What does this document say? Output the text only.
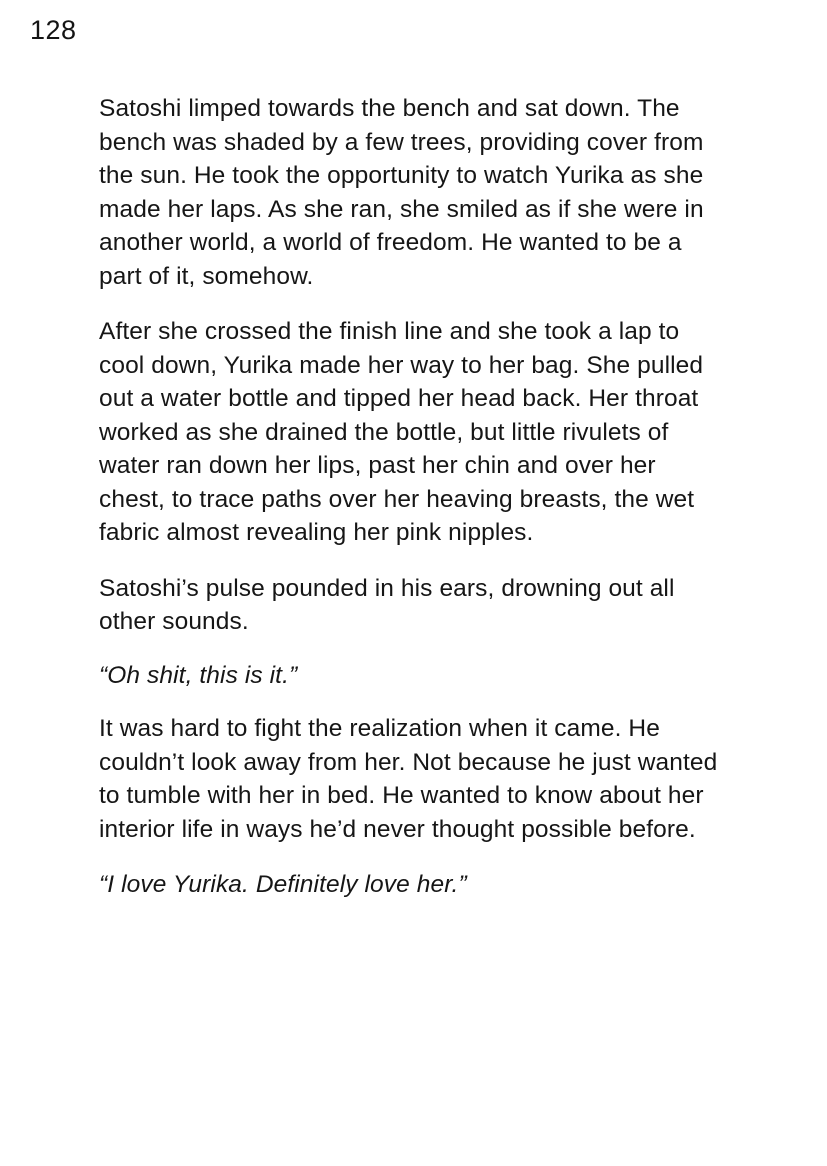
128

Satoshi limped towards the bench and sat down. The bench was shaded by a few trees, providing cover from the sun. He took the opportunity to watch Yurika as she made her laps. As she ran, she smiled as if she were in another world, a world of freedom. He wanted to be a part of it, somehow.

After she crossed the finish line and she took a lap to cool down, Yurika made her way to her bag. She pulled out a water bottle and tipped her head back. Her throat worked as she drained the bottle, but little rivulets of water ran down her lips, past her chin and over her chest, to trace paths over her heaving breasts, the wet fabric almost revealing her pink nipples.

Satoshi’s pulse pounded in his ears, drowning out all other sounds.

“Oh shit, this is it.”

It was hard to fight the realization when it came. He couldn’t look away from her. Not because he just wanted to tumble with her in bed. He wanted to know about her interior life in ways he’d never thought possible before.

“I love Yurika. Definitely love her.”
